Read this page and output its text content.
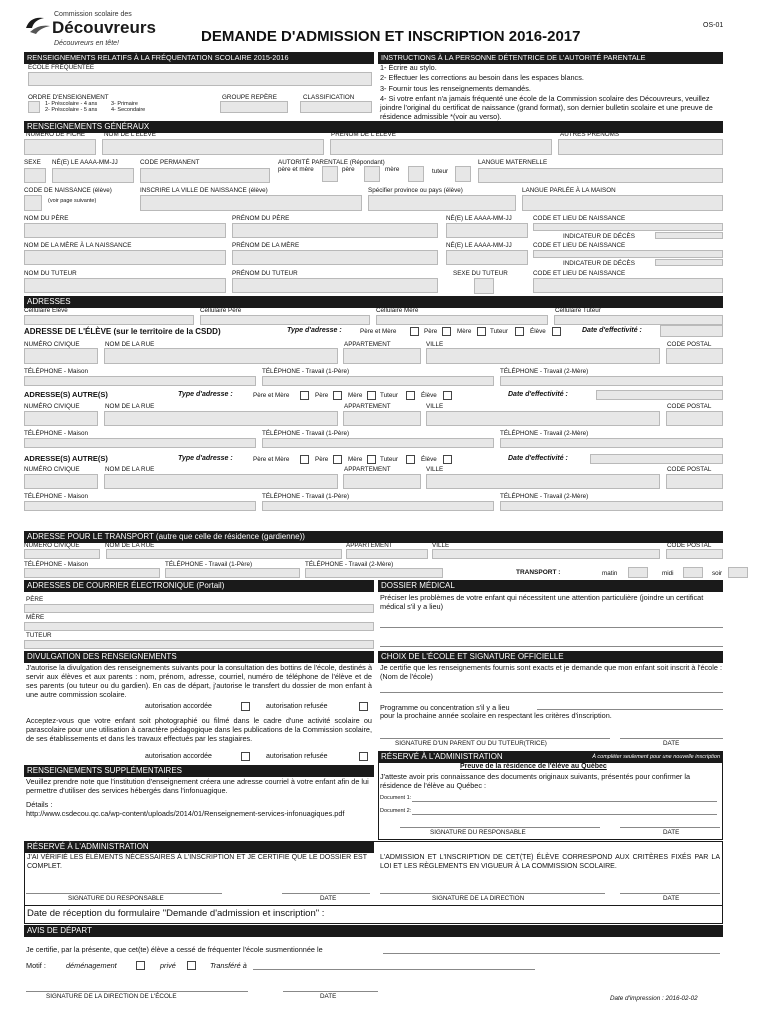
Commission scolaire des
Découvreurs
Découvreurs en tête!
OS-01
DEMANDE D'ADMISSION ET INSCRIPTION 2016-2017
RENSEIGNEMENTS RELATIFS À LA FRÉQUENTATION SCOLAIRE 2015-2016
ÉCOLE FRÉQUENTÉE
ORDRE D'ENSEIGNEMENT
1- Préscolaire - 4 ans
2- Préscolaire - 5 ans
3- Primaire
4- Secondaire
GROUPE REPÈRE	CLASSIFICATION
INSTRUCTIONS À LA PERSONNE DÉTENTRICE DE L'AUTORITÉ PARENTALE
1- Écrire au stylo.
2- Effectuer les corrections au besoin dans les espaces blancs.
3- Fournir tous les renseignements demandés.
4- Si votre enfant n'a jamais fréquenté une école de la Commission scolaire des Découvreurs, veuillez joindre l'original du certificat de naissance (grand format), son dernier bulletin scolaire et une preuve de résidence admissible *(voir au verso).
RENSEIGNEMENTS GÉNÉRAUX
NUMÉRO DE FICHE	NOM DE L'ÉLÈVE	PRÉNOM DE L'ÉLÈVE	AUTRES PRÉNOMS
SEXE NÉ(E) LE AAAA-MM-JJ	CODE PERMANENT	AUTORITÉ PARENTALE (Répondant)
père et mère	père	mère	tuteur
LANGUE MATERNELLE
CODE DE NAISSANCE (élève)
(voir page suivante)
INSCRIRE LA VILLE DE NAISSANCE (élève)	Spécifier province ou pays (élève)	LANGUE PARLÉE À LA MAISON
NOM DU PÈRE	PRÉNOM DU PÈRE	NÉ(E) LE AAAA-MM-JJ	CODE ET LIEU DE NAISSANCE
INDICATEUR DE DÉCÈS
NOM DE LA MÈRE À LA NAISSANCE	PRÉNOM DE LA MÈRE	NÉ(E) LE AAAA-MM-JJ	CODE ET LIEU DE NAISSANCE
INDICATEUR DE DÉCÈS
NOM DU TUTEUR	PRÉNOM DU TUTEUR	SEXE DU TUTEUR	CODE ET LIEU DE NAISSANCE
ADRESSES
Cellulaire Élève	Cellulaire Père	Cellulaire Mère	Cellulaire Tuteur
ADRESSE DE L'ÉLÈVE (sur le territoire de la CSDD)	Type d'adresse :	Père et Mère	Père	Mère	Tuteur	Élève	Date d'effectivité :
NUMÉRO CIVIQUE	NOM DE LA RUE	APPARTEMENT	VILLE	CODE POSTAL
TÉLÉPHONE - Maison	TÉLÉPHONE - Travail (1-Père)	TÉLÉPHONE - Travail (2-Mère)
ADRESSE(S) AUTRE(S)	Type d'adresse :	Père et Mère	Père	Mère	Tuteur	Élève	Date d'effectivité :
NUMÉRO CIVIQUE	NOM DE LA RUE	APPARTEMENT	VILLE	CODE POSTAL
TÉLÉPHONE - Maison	TÉLÉPHONE - Travail (1-Père)	TÉLÉPHONE - Travail (2-Mère)
ADRESSE(S) AUTRE(S)	Type d'adresse :	Père et Mère	Père	Mère	Tuteur	Élève	Date d'effectivité :
NUMÉRO CIVIQUE	NOM DE LA RUE	APPARTEMENT	VILLE	CODE POSTAL
TÉLÉPHONE - Maison	TÉLÉPHONE - Travail (1-Père)	TÉLÉPHONE - Travail (2-Mère)
ADRESSE POUR LE TRANSPORT (autre que celle de résidence (gardienne))
NUMÉRO CIVIQUE	NOM DE LA RUE	APPARTEMENT	VILLE	CODE POSTAL
TÉLÉPHONE - Maison	TÉLÉPHONE - Travail (1-Père)	TÉLÉPHONE - Travail (2-Mère)
TRANSPORT :	matin	midi	soir
ADRESSES DE COURRIER ÉLECTRONIQUE (Portail)
PÈRE
MÈRE
TUTEUR
DOSSIER MÉDICAL
Préciser les problèmes de votre enfant qui nécessitent une attention particulière (joindre un certificat médical s'il y a lieu)
DIVULGATION DES RENSEIGNEMENTS
J'autorise la divulgation des renseignements suivants pour la consultation des bottins de l'école, destinés à servir aux élèves et aux parents : nom, prénom, adresse, courriel, numéro de téléphone de l'élève et de ses parents (ou tuteur ou du gardien). En cas de départ, j'autorise le transfert du dossier de mon enfant à une autre commission scolaire.
autorisation accordée	autorisation refusée
Acceptez-vous que votre enfant soit photographié ou filmé dans le cadre d'une activité scolaire ou parascolaire pour une utilisation à caractère pédagogique dans les publications de la Commission scolaire, de ses établissements et dans les travaux effectués par les stagiaires.
autorisation accordée	autorisation refusée
CHOIX DE L'ÉCOLE ET SIGNATURE OFFICIELLE
Je certifie que les renseignements fournis sont exacts et je demande que mon enfant soit inscrit à l'école : (Nom de l'école)
Programme ou concentration s'il y a lieu
pour la prochaine année scolaire en respectant les critères d'inscription.
SIGNATURE D'UN PARENT OU DU TUTEUR(TRICE)	DATE
RENSEIGNEMENTS SUPPLÉMENTAIRES
Veuillez prendre note que l'institution d'enseignement créera une adresse courriel à votre enfant afin de lui permettre d'utiliser des services hébergés dans l'infonuagique.
Détails :
http://www.csdecou.qc.ca/wp-content/uploads/2014/01/Renseignement-services-infonuagiques.pdf
RÉSERVÉ À L'ADMINISTRATION	À compléter seulement pour une nouvelle inscription
Preuve de la résidence de l'élève au Québec
J'atteste avoir pris connaissance des documents originaux suivants, présentés pour confirmer la résidence de l'élève au Québec :
Document 1:
Document 2:
SIGNATURE DU RESPONSABLE	DATE
RÉSERVÉ À L'ADMINISTRATION
J'AI VÉRIFIÉ LES ÉLÉMENTS NÉCESSAIRES À L'INSCRIPTION ET JE CERTIFIE QUE LE DOSSIER EST COMPLET.
L'ADMISSION ET L'INSCRIPTION DE CET(TE) ÉLÈVE CORRESPOND AUX CRITÈRES FIXÉS PAR LA LOI ET LES RÈGLEMENTS EN VIGUEUR À LA COMMISSION SCOLAIRE.
SIGNATURE DU RESPONSABLE	DATE	SIGNATURE DE LA DIRECTION	DATE
Date de réception du formulaire "Demande d'admission et inscription" :
AVIS DE DÉPART
Je certifie, par la présente, que cet(te) élève a cessé de fréquenter l'école susmentionnée le
Motif :	déménagement	privé	Transféré à
SIGNATURE DE LA DIRECTION DE L'ÉCOLE	DATE	Date d'impression : 2016-02-02
